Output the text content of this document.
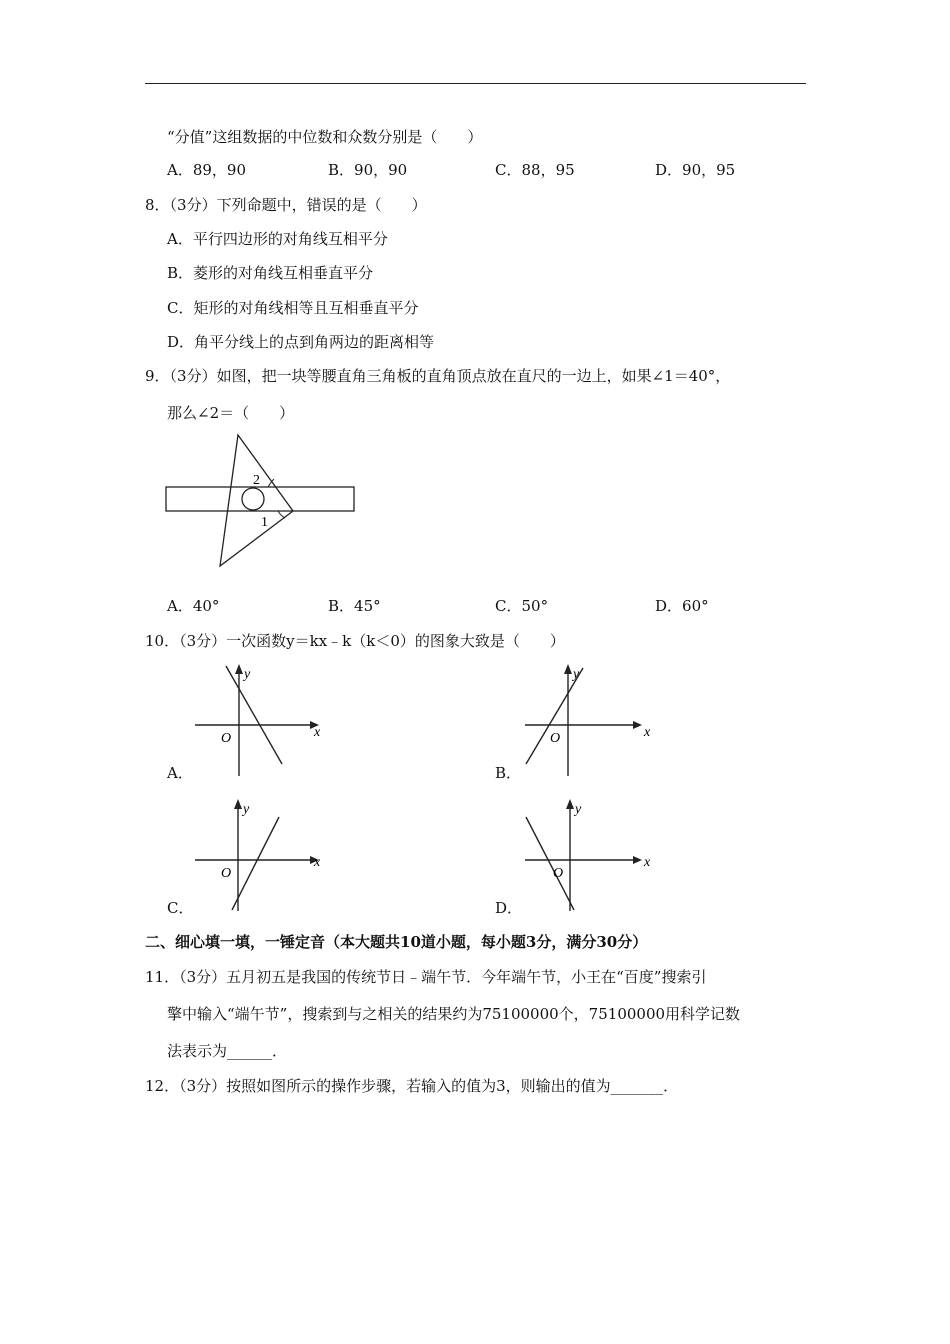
“分值”这组数据的中位数和众数分别是（　　）
A．89，90	B．90，90	C．88，95	D．90，95
8．（3分）下列命题中，错误的是（　　）
A．平行四边形的对角线互相平分
B．菱形的对角线互相垂直平分
C．矩形的对角线相等且互相垂直平分
D．角平分线上的点到角两边的距离相等
9．（3分）如图，把一块等腰直角三角板的直角顶点放在直尺的一边上，如果∠1＝40°，
那么∠2＝（　　）
2
1
A．40°	B．45°	C．50°	D．60°
10．（3分）一次函数y＝kx﹣k（k＜0）的图象大致是（　　）
y
x
O
A．
y
x
O
B．
y
x
O
C．
y
x
O
D．
二、细心填一填，一锤定音（本大题共10道小题，每小题3分，满分30分）
11．（3分）五月初五是我国的传统节日﹣端午节．今年端午节，小王在“百度”搜索引
擎中输入“端午节”，搜索到与之相关的结果约为75100000个，75100000用科学记数
法表示为______．
12．（3分）按照如图所示的操作步骤，若输入的值为3，则输出的值为_______．
